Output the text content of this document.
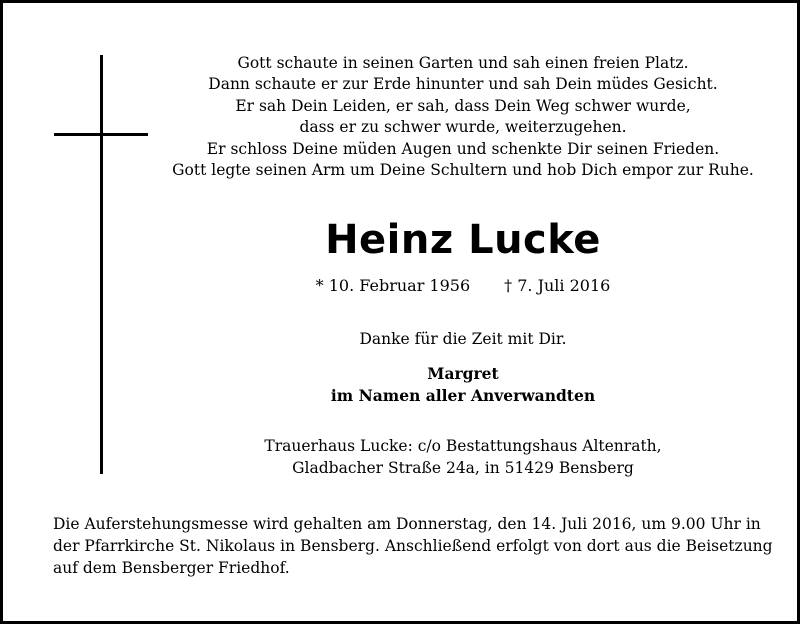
Gott schaute in seinen Garten und sah einen freien Platz.
Dann schaute er zur Erde hinunter und sah Dein müdes Gesicht.
Er sah Dein Leiden, er sah, dass Dein Weg schwer wurde,
dass er zu schwer wurde, weiterzugehen.
Er schloss Deine müden Augen und schenkte Dir seinen Frieden.
Gott legte seinen Arm um Deine Schultern und hob Dich empor zur Ruhe.
Heinz Lucke
* 10. Februar 1956 † 7. Juli 2016
Danke für die Zeit mit Dir.
Margret
im Namen aller Anverwandten
Trauerhaus Lucke: c/o Bestattungshaus Altenrath,
Gladbacher Straße 24a, in 51429 Bensberg
Die Auferstehungsmesse wird gehalten am Donnerstag, den 14. Juli 2016, um 9.00 Uhr in
der Pfarrkirche St. Nikolaus in Bensberg. Anschließend erfolgt von dort aus die Beisetzung
auf dem Bensberger Friedhof.
